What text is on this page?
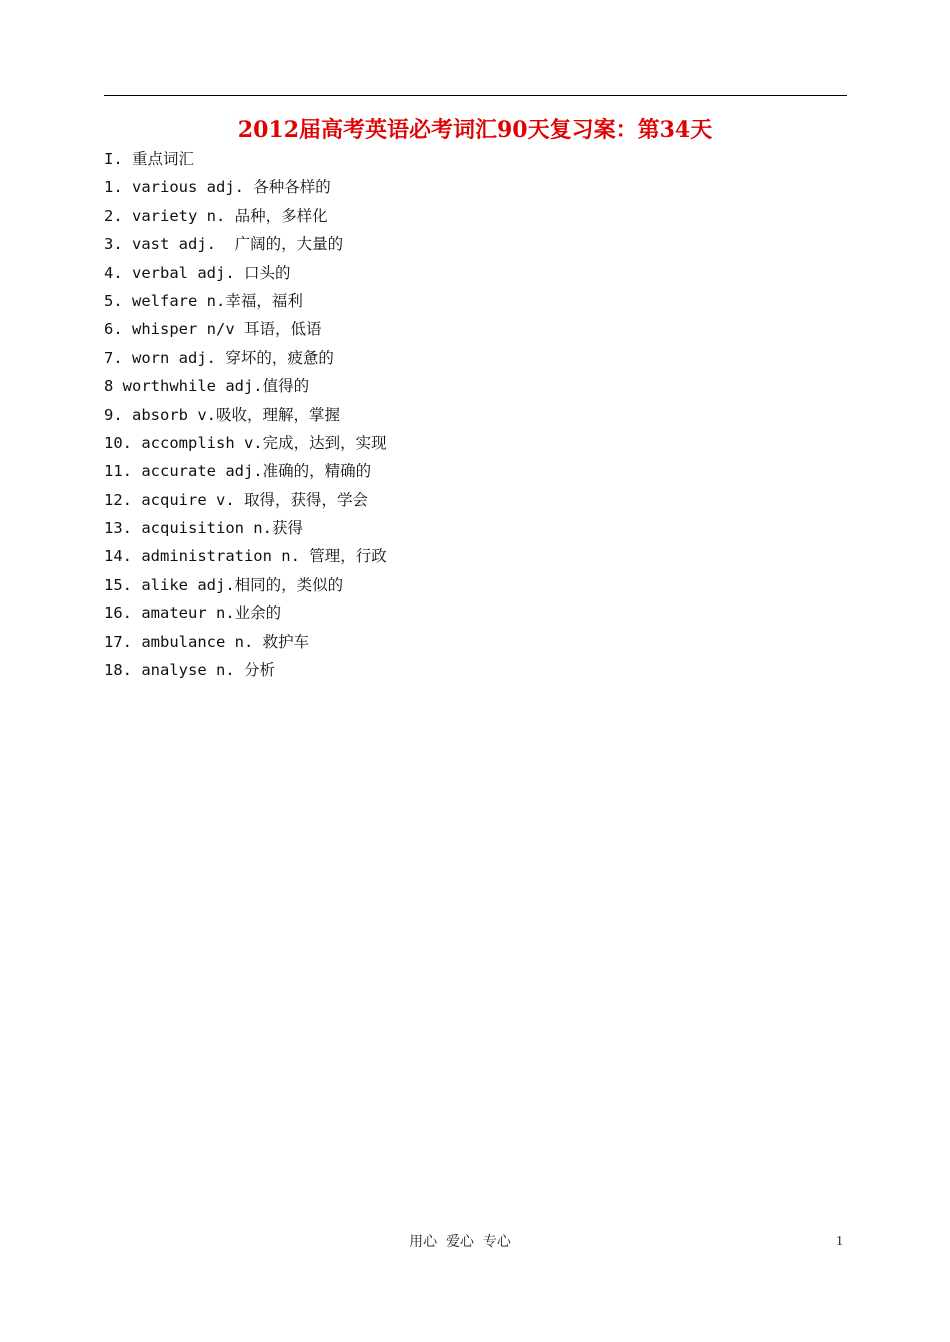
2012届高考英语必考词汇90天复习案：第34天
I. 重点词汇
1. various adj. 各种各样的
2. variety n. 品种，多样化
3. vast adj.  广阔的，大量的
4. verbal adj. 口头的
5. welfare n.幸福，福利
6. whisper n/v 耳语，低语
7. worn adj. 穿坏的，疲惫的
8 worthwhile adj.值得的
9. absorb v.吸收，理解，掌握
10. accomplish v.完成，达到，实现
11. accurate adj.准确的，精确的
12. acquire v. 取得，获得，学会
13. acquisition n.获得
14. administration n. 管理，行政
15. alike adj.相同的，类似的
16. amateur n.业余的
17. ambulance n. 救护车
18. analyse n. 分析
用心  爱心  专心	1
